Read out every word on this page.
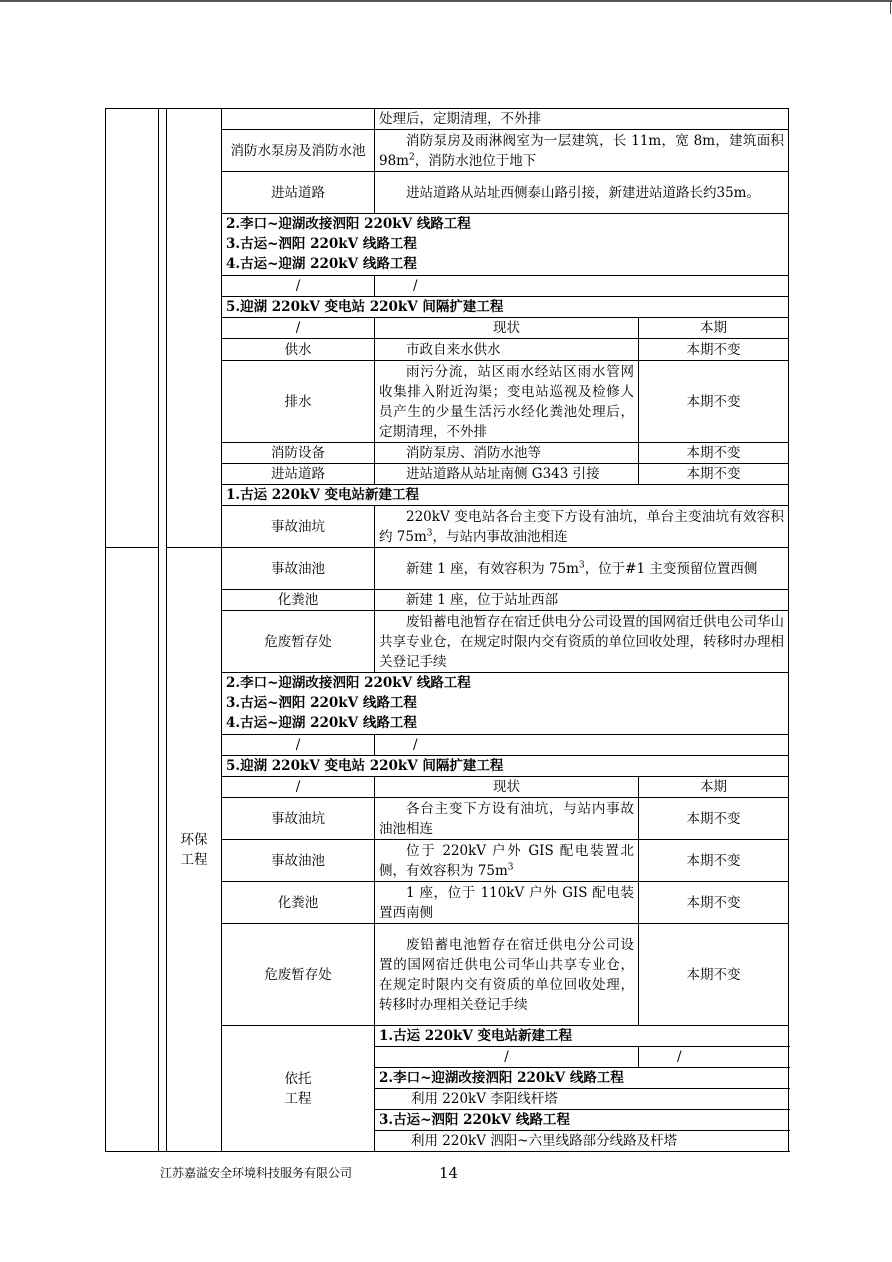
				处理后，定期清理，不外排	
			消防水泵房及消防水池	消防泵房及雨淋阀室为一层建筑，长 11m，宽 8m，建筑面积 $98m^2$，消防水池位于地下	
			进站道路	进站道路从站址西侧泰山路引接，新建进站道路长约35m。	

			2.李口~迎湖改接泗阳 220kV 线路工程
3.古运~泗阳 220kV 线路工程
4.古运~迎湖 220kV 线路工程		

			/	/	
			5.迎湖 220kV 变电站 220kV 间隔扩建工程		
			/	现状	本期
			供水	市政自来水供水	本期不变
			排水	雨污分流，站区雨水经站区雨水管网收集排入附近沟渠；变电站巡视及检修人员产生的少量生活污水经化粪池处理后，定期清理，不外排	本期不变
			消防设备	消防泵房、消防水池等	本期不变
			进站道路	进站道路从站址南侧 G343 引接	本期不变
			1.古运 220kV 变电站新建工程		
			事故油坑	220kV 变电站各台主变下方设有油坑，单台主变油坑有效容积约 $75m^3$，与站内事故油池相连	
		环保
工程	事故油池	新建 1 座，有效容积为 $75m^3$，位于#1 主变预留位置西侧	
			化粪池	新建 1 座，位于站址西部	
			危废暂存处	废铅蓄电池暂存在宿迁供电分公司设置的国网宿迁供电公司华山共享专业仓，在规定时限内交有资质的单位回收处理，转移时办理相关登记手续	

			2.李口~迎湖改接泗阳 220kV 线路工程
3.古运~泗阳 220kV 线路工程
4.古运~迎湖 220kV 线路工程		

			/	/	
			5.迎湖 220kV 变电站 220kV 间隔扩建工程		
			/	现状	本期
			事故油坑	各台主变下方设有油坑，与站内事故油池相连	本期不变
			事故油池	位于 220kV 户外 GIS 配电装置北侧，有效容积为 $75m^3$	本期不变
			化粪池	1 座，位于 110kV 户外 GIS 配电装置西南侧	本期不变
			危废暂存处	废铅蓄电池暂存在宿迁供电分公司设置的国网宿迁供电公司华山共享专业仓，在规定时限内交有资质的单位回收处理，转移时办理相关登记手续	本期不变
			依托
工程	1.古运 220kV 变电站新建工程	
				/	/
				2.李口~迎湖改接泗阳 220kV 线路工程	
				利用 220kV 李阳线杆塔	
				3.古运~泗阳 220kV 线路工程	
				利用 220kV 泗阳~六里线路部分线路及杆塔	
江苏嘉溢安全环境科技服务有限公司	14
